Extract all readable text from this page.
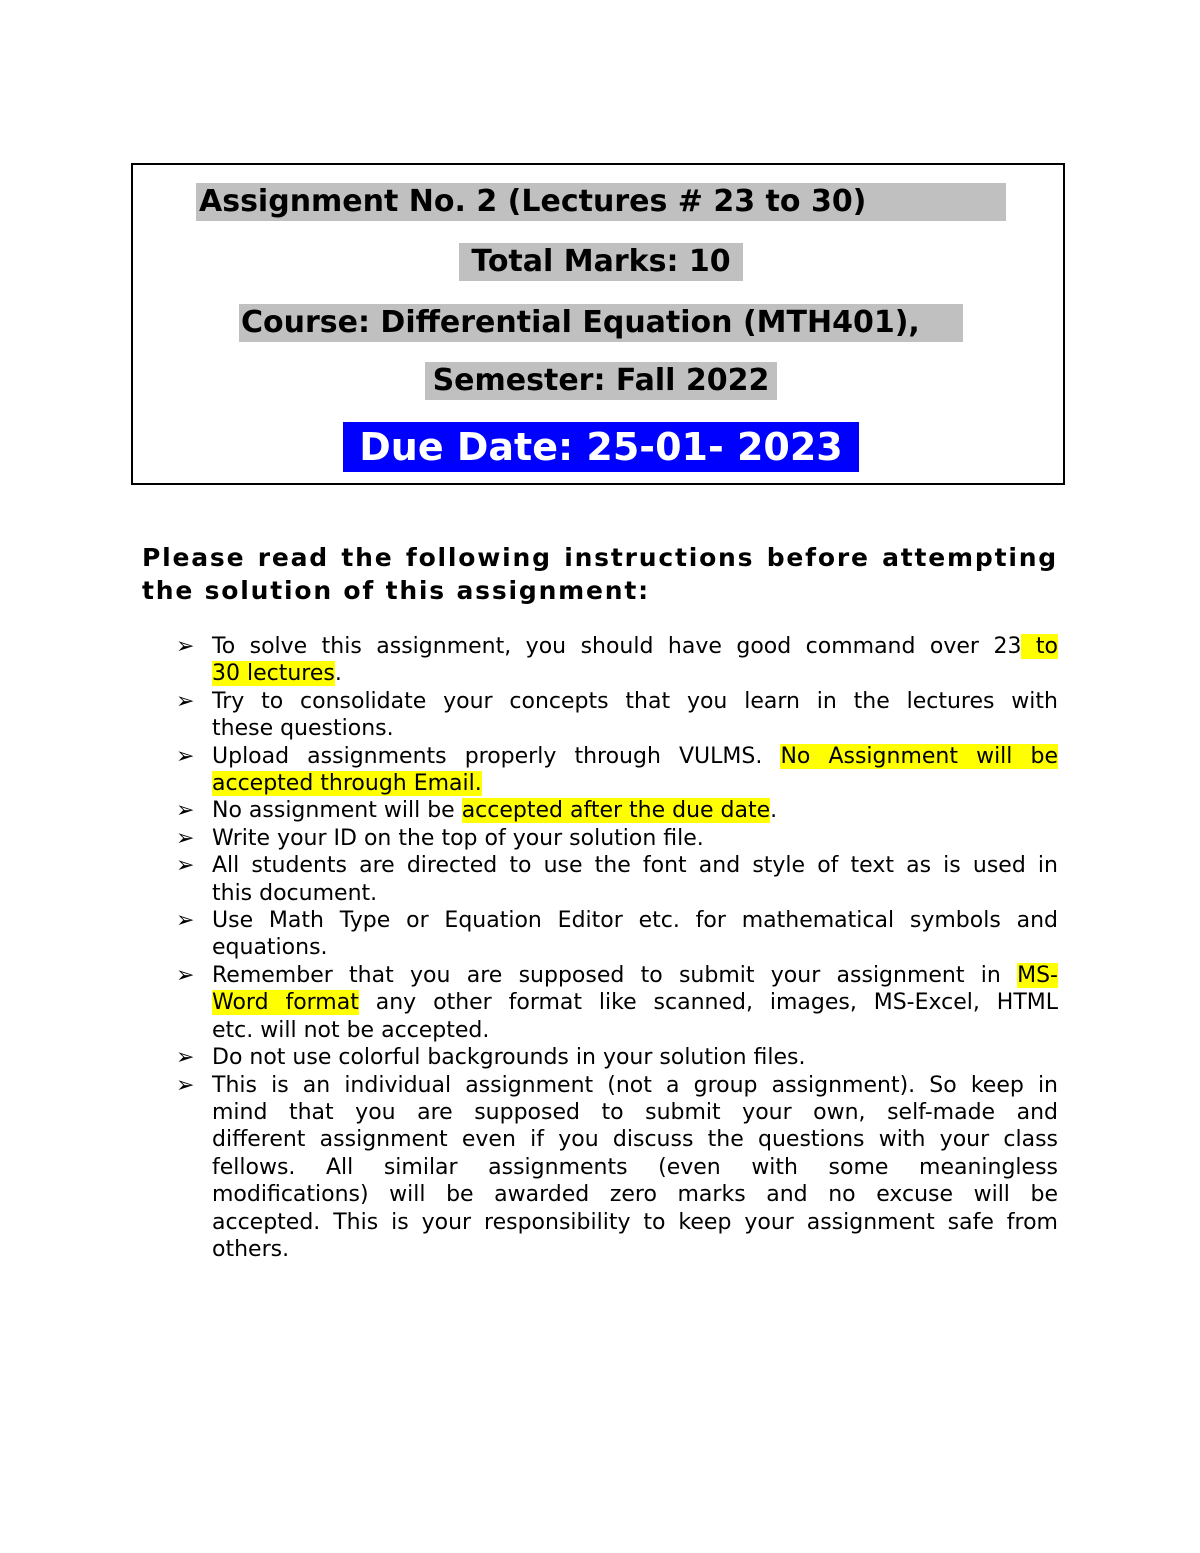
Assignment No. 2 (Lectures # 23 to 30)
Total Marks: 10
Course: Differential Equation (MTH401),
Semester: Fall 2022
Due Date: 25-01- 2023

Please read the following instructions before attempting
the solution of this assignment:

➢ To solve this assignment, you should have good command over 23 to
30 lectures.
➢ Try to consolidate your concepts that you learn in the lectures with
these questions.
➢ Upload assignments properly through VULMS. No Assignment will be
accepted through Email.
➢ No assignment will be accepted after the due date.
➢ Write your ID on the top of your solution file.
➢ All students are directed to use the font and style of text as is used in
this document.
➢ Use Math Type or Equation Editor etc. for mathematical symbols and
equations.
➢ Remember that you are supposed to submit your assignment in MS-
Word format any other format like scanned, images, MS-Excel, HTML
etc. will not be accepted.
➢ Do not use colorful backgrounds in your solution files.
➢ This is an individual assignment (not a group assignment). So keep in
mind that you are supposed to submit your own, self-made and
different assignment even if you discuss the questions with your class
fellows. All similar assignments (even with some meaningless
modifications) will be awarded zero marks and no excuse will be
accepted. This is your responsibility to keep your assignment safe from
others.
